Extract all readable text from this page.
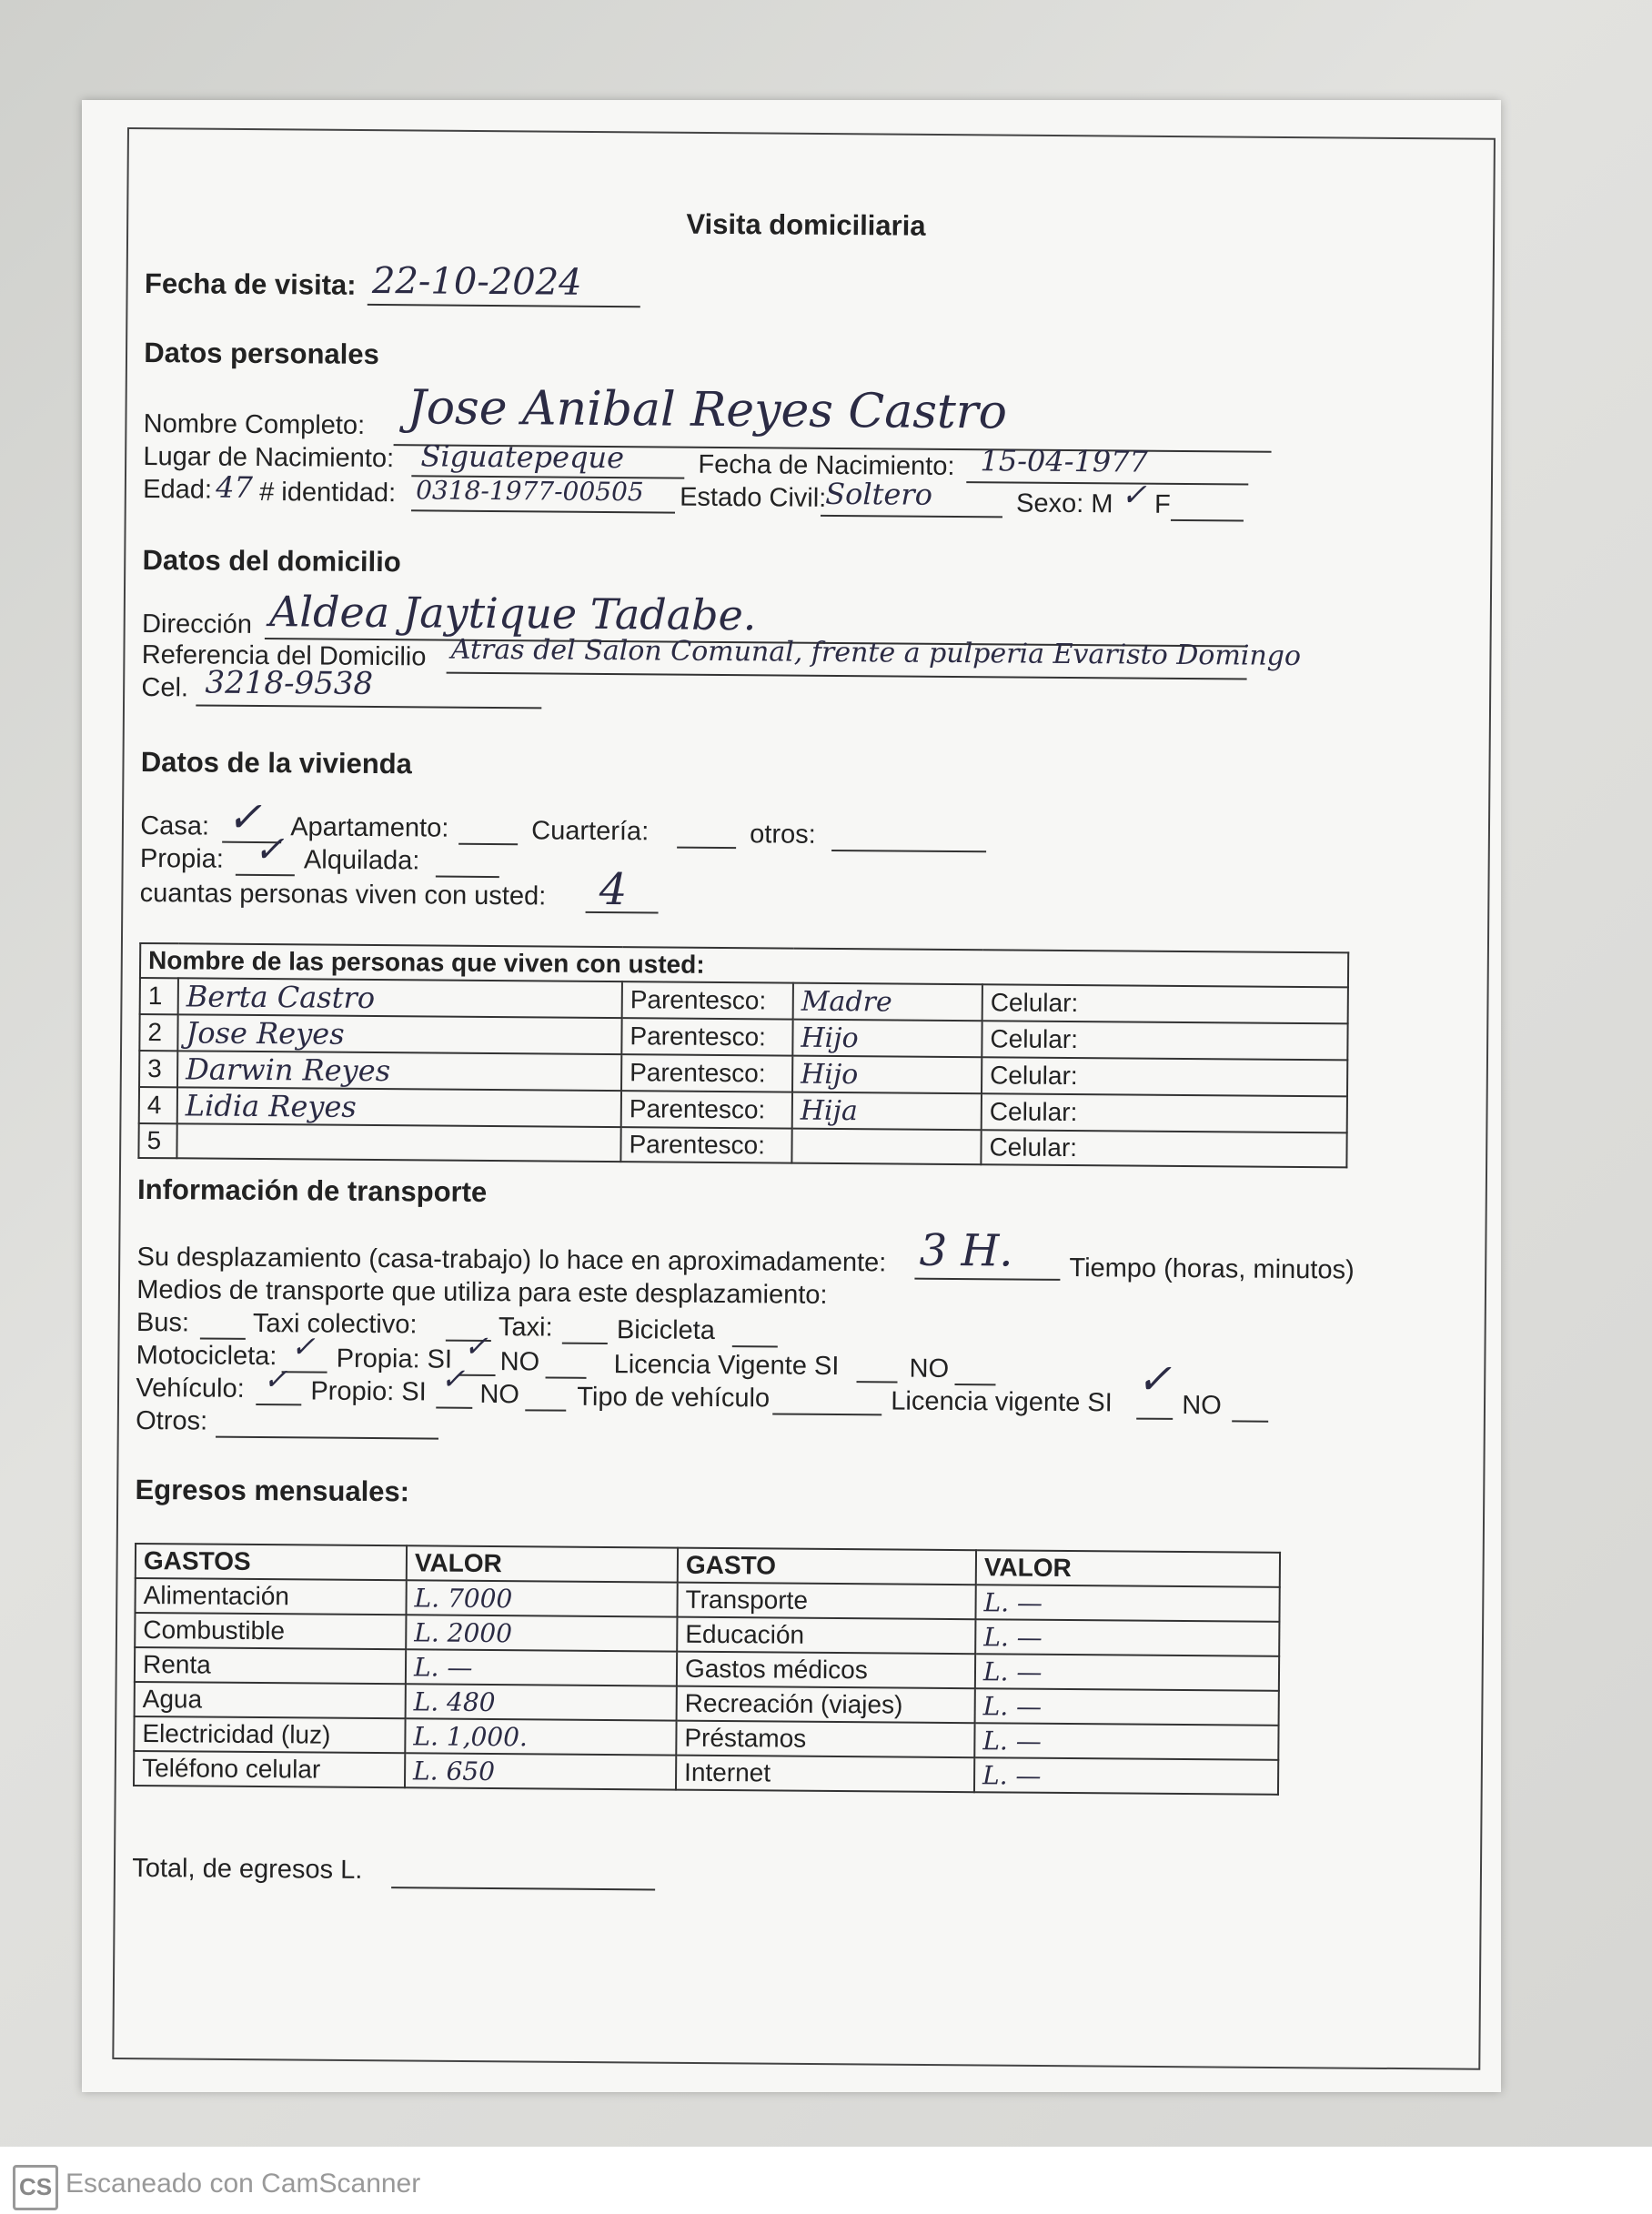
Visita domiciliaria
Fecha de visita: 22-10-2024
Datos personales
Nombre Completo: Jose Anibal Reyes Castro
Lugar de Nacimiento: Siguatepeque	Fecha de Nacimiento: 15-04-1977
Edad: 47 # identidad: 0318-1977-00505 Estado Civil:
Soltero	Sexo: M ✓ F
Datos del domicilio
Dirección Aldea Jaytique Tadabe.
Referencia del Domicilio Atras del Salon Comunal, frente a pulperia Evaristo Domingo
Cel. 3218-9538
Datos de la vivienda
Casa: ✓ Apartamento:	Cuartería:	otros:
Propia: ✓ Alquilada:
cuantas personas viven con usted: 4
Nombre de las personas que viven con usted:				
1	Berta Castro	Parentesco:	Madre	Celular:
2	Jose Reyes	Parentesco:	Hijo	Celular:
3	Darwin Reyes	Parentesco:	Hijo	Celular:
4	Lidia Reyes	Parentesco:	Hija	Celular:
5		Parentesco:		Celular:
Información de transporte
Su desplazamiento (casa-trabajo) lo hace en aproximadamente: 3 H. Tiempo (horas, minutos)
Medios de transporte que utiliza para este desplazamiento:
Bus: Taxi colectivo:	Taxi: Bicicleta
Motocicleta: ✓ Propia: SI ✓ NO	Licencia Vigente SI	NO
Vehículo: ✓ Propio: SI ✓ NO Tipo de vehículo	Licencia vigente SI ✓
NO
Otros:
Egresos mensuales:
GASTOS	VALOR	GASTO	VALOR
Alimentación	L. 7000	Transporte	L. —
Combustible	L. 2000	Educación	L. —
Renta	L. —	Gastos médicos	L. —
Agua	L. 480	Recreación (viajes)	L. —
Electricidad (luz)	L. 1,000.	Préstamos	L. —
Teléfono celular	L. 650	Internet	L. —
Total, de egresos L.
CS Escaneado con CamScanner
